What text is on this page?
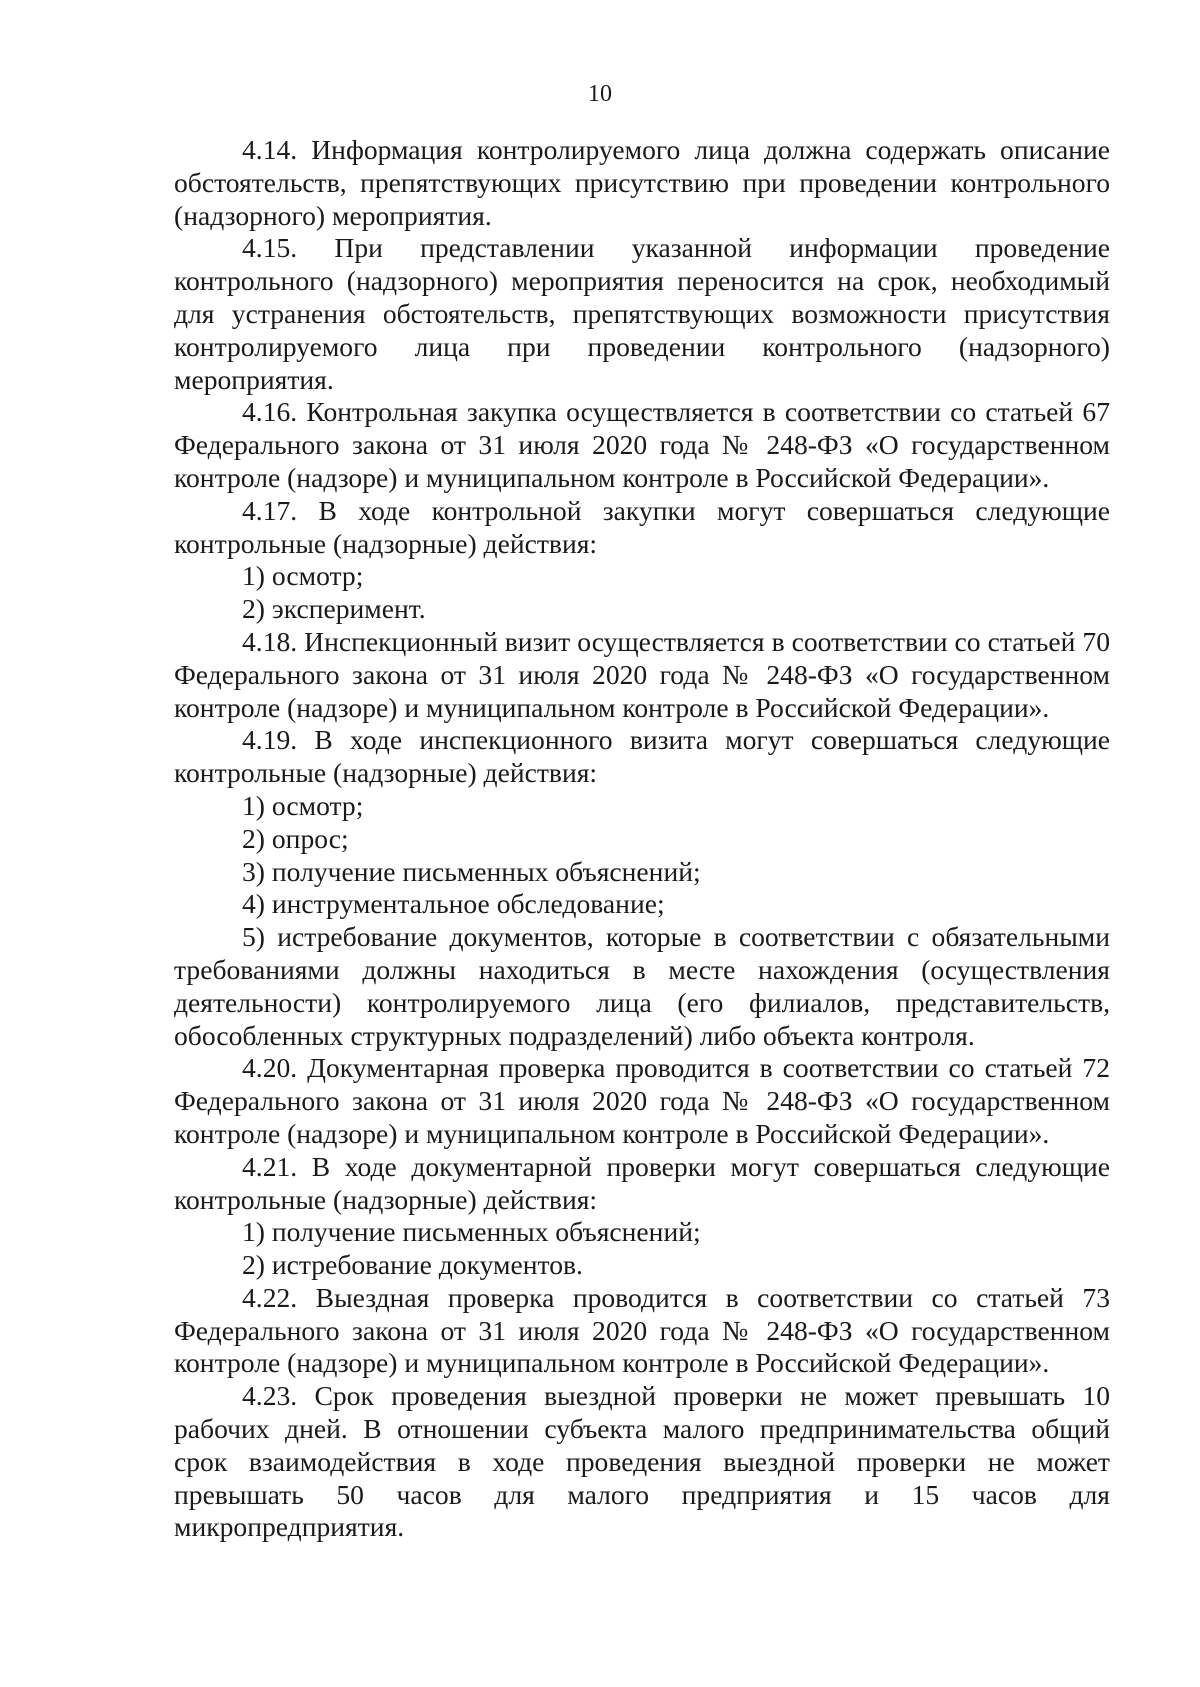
10

4.14. Информация контролируемого лица должна содержать описание обстоятельств, препятствующих присутствию при проведении контрольного (надзорного) мероприятия.

4.15. При представлении указанной информации проведение контрольного (надзорного) мероприятия переносится на срок, необходимый для устранения обстоятельств, препятствующих возможности присутствия контролируемого лица при проведении контрольного (надзорного) мероприятия.

4.16. Контрольная закупка осуществляется в соответствии со статьей 67 Федерального закона от 31 июля 2020 года № 248-ФЗ «О государственном контроле (надзоре) и муниципальном контроле в Российской Федерации».

4.17. В ходе контрольной закупки могут совершаться следующие контрольные (надзорные) действия:

1) осмотр;

2) эксперимент.

4.18. Инспекционный визит осуществляется в соответствии со статьей 70 Федерального закона от 31 июля 2020 года № 248-ФЗ «О государственном контроле (надзоре) и муниципальном контроле в Российской Федерации».

4.19. В ходе инспекционного визита могут совершаться следующие контрольные (надзорные) действия:

1) осмотр;

2) опрос;

3) получение письменных объяснений;

4) инструментальное обследование;

5) истребование документов, которые в соответствии с обязательными требованиями должны находиться в месте нахождения (осуществления деятельности) контролируемого лица (его филиалов, представительств, обособленных структурных подразделений) либо объекта контроля.

4.20. Документарная проверка проводится в соответствии со статьей 72 Федерального закона от 31 июля 2020 года № 248-ФЗ «О государственном контроле (надзоре) и муниципальном контроле в Российской Федерации».

4.21. В ходе документарной проверки могут совершаться следующие контрольные (надзорные) действия:

1) получение письменных объяснений;

2) истребование документов.

4.22. Выездная проверка проводится в соответствии со статьей 73 Федерального закона от 31 июля 2020 года № 248-ФЗ «О государственном контроле (надзоре) и муниципальном контроле в Российской Федерации».

4.23. Срок проведения выездной проверки не может превышать 10 рабочих дней. В отношении субъекта малого предпринимательства общий срок взаимодействия в ходе проведения выездной проверки не может превышать 50 часов для малого предприятия и 15 часов для микропредприятия.
